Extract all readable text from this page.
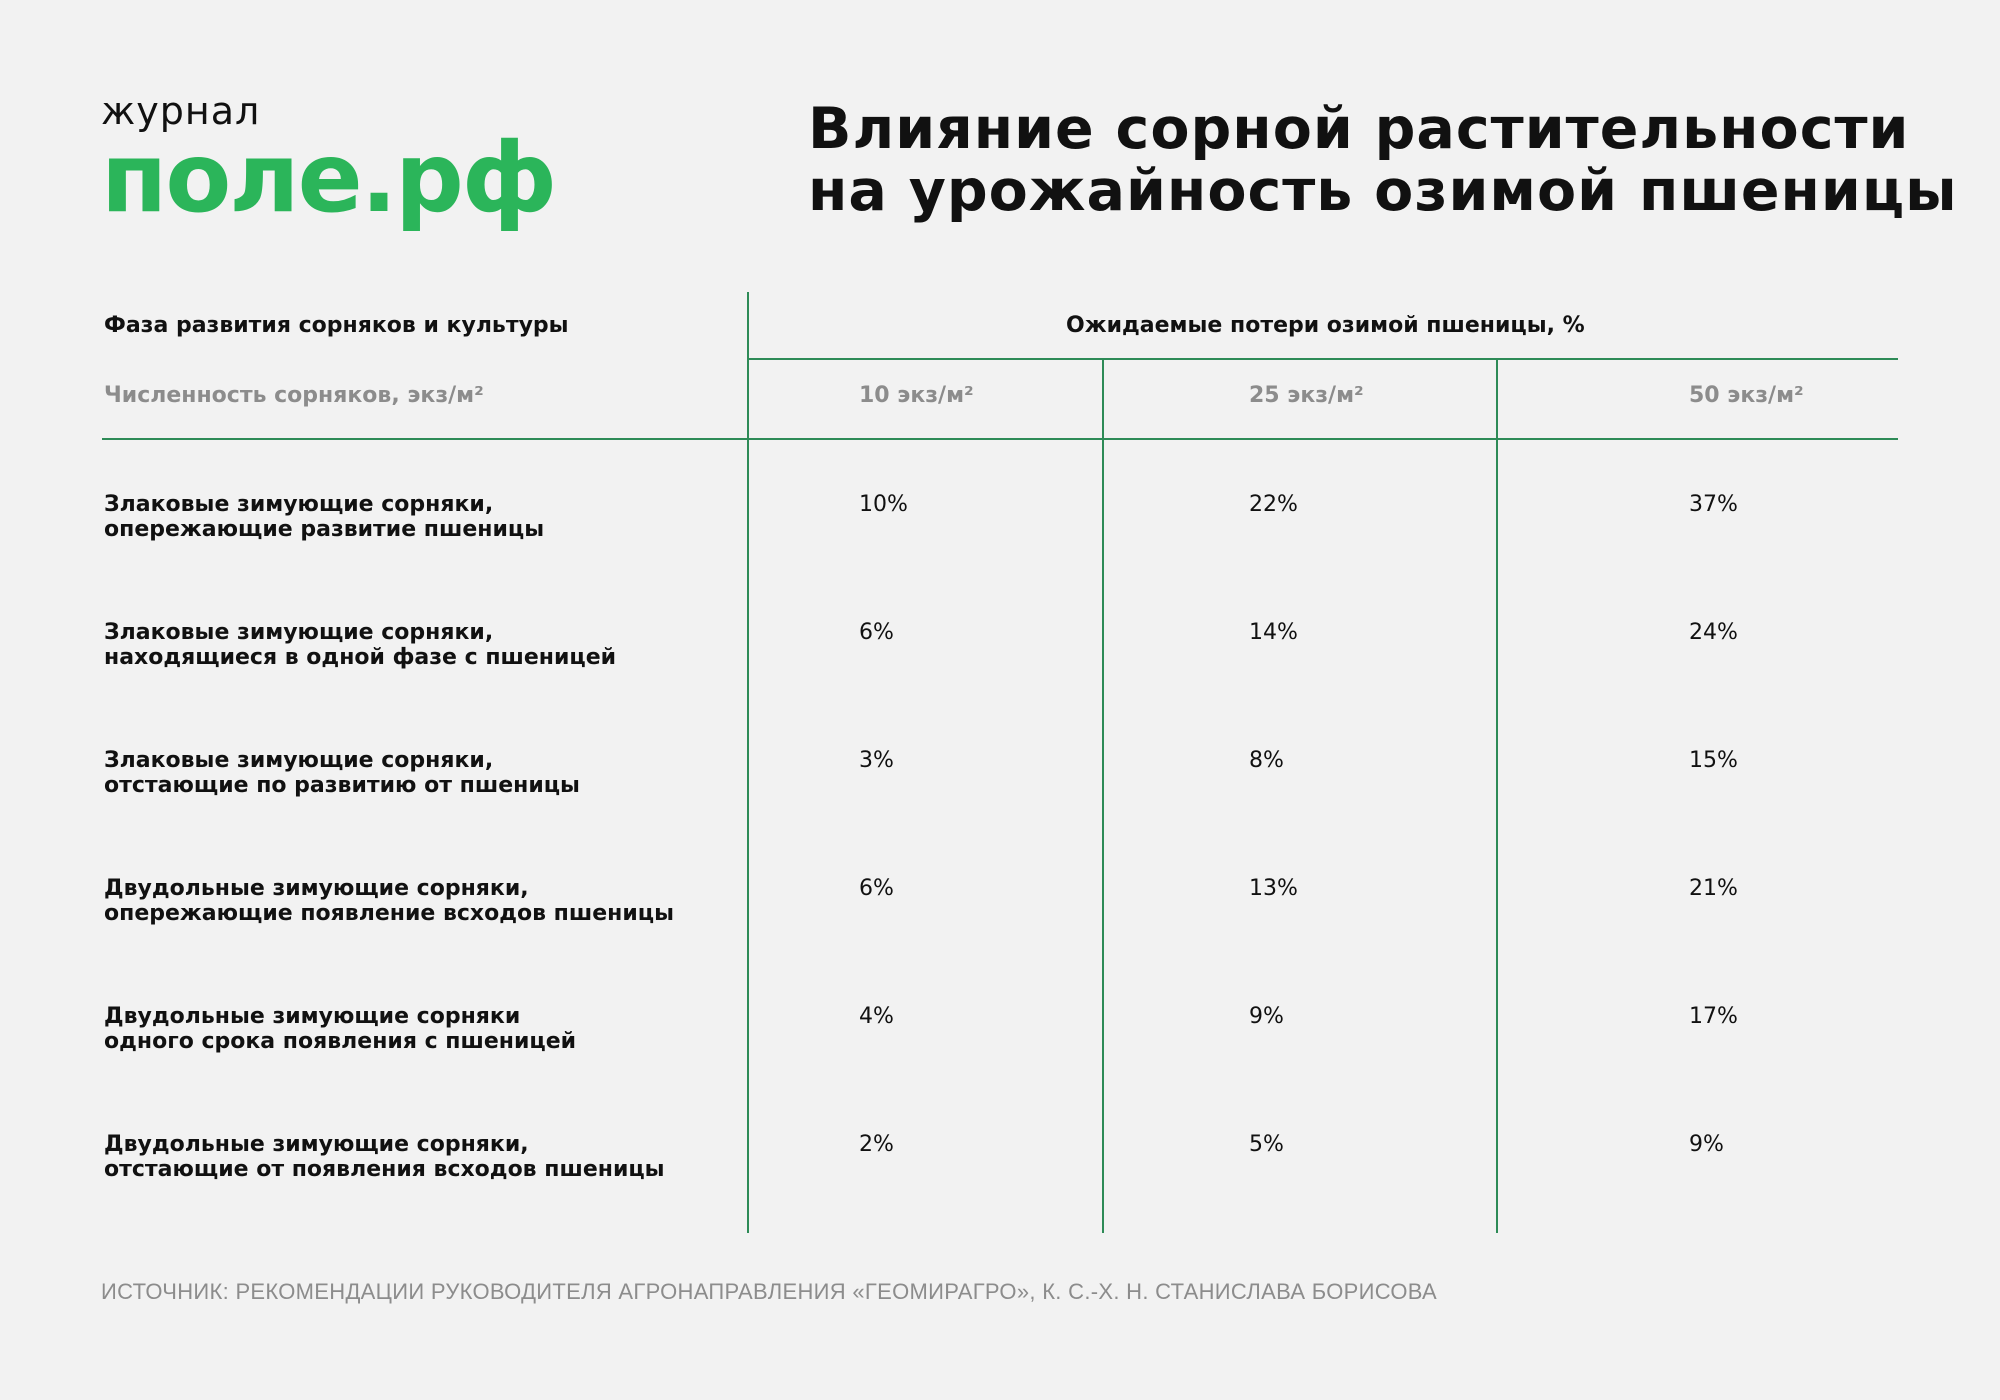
журнал
поле.рф	Влияние сорной растительности
на урожайность озимой пшеницы
Фаза развития сорняков и культуры	Ожидаемые потери озимой пшеницы, %
Численность сорняков, экз/м²	10 экз/м²	25 экз/м²	50 экз/м²
Злаковые зимующие сорняки,
опережающие развитие пшеницы
10%	22%	37%
Злаковые зимующие сорняки,
находящиеся в одной фазе с пшеницей
6%	14%	24%
Злаковые зимующие сорняки,
отстающие по развитию от пшеницы
3%	8%	15%
Двудольные зимующие сорняки,
опережающие появление всходов пшеницы
6%	13%	21%
Двудольные зимующие сорняки
одного срока появления с пшеницей
4%	9%	17%
Двудольные зимующие сорняки,
отстающие от появления всходов пшеницы
2%	5%	9%
ИСТОЧНИК: РЕКОМЕНДАЦИИ РУКОВОДИТЕЛЯ АГРОНАПРАВЛЕНИЯ «ГЕОМИРАГРО», К. С.-Х. Н. СТАНИСЛАВА БОРИСОВА
